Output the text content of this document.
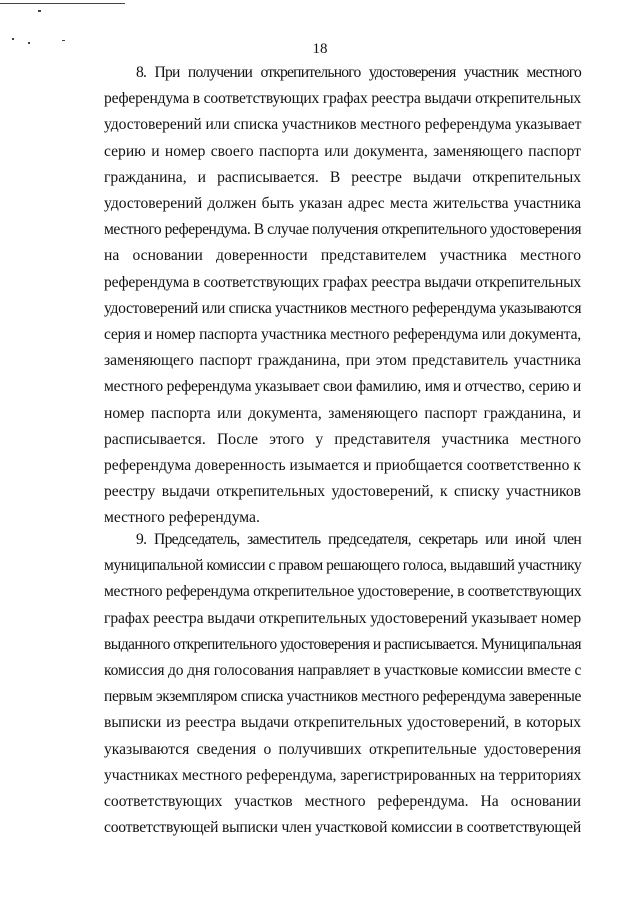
18
8. При получении открепительного удостоверения участник местного
референдума в соответствующих графах реестра выдачи открепительных
удостоверений или списка участников местного референдума указывает
серию и номер своего паспорта или документа, заменяющего паспорт
гражданина, и расписывается. В реестре выдачи открепительных
удостоверений должен быть указан адрес места жительства участника
местного референдума. В случае получения открепительного удостоверения
на основании доверенности представителем участника местного
референдума в соответствующих графах реестра выдачи открепительных
удостоверений или списка участников местного референдума указываются
серия и номер паспорта участника местного референдума или документа,
заменяющего паспорт гражданина, при этом представитель участника
местного референдума указывает свои фамилию, имя и отчество, серию и
номер паспорта или документа, заменяющего паспорт гражданина, и
расписывается. После этого у представителя участника местного
референдума доверенность изымается и приобщается соответственно к
реестру выдачи открепительных удостоверений, к списку участников
местного референдума.
9. Председатель, заместитель председателя, секретарь или иной член
муниципальной комиссии с правом решающего голоса, выдавший участнику
местного референдума открепительное удостоверение, в соответствующих
графах реестра выдачи открепительных удостоверений указывает номер
выданного открепительного удостоверения и расписывается. Муниципальная
комиссия до дня голосования направляет в участковые комиссии вместе с
первым экземпляром списка участников местного референдума заверенные
выписки из реестра выдачи открепительных удостоверений, в которых
указываются сведения о получивших открепительные удостоверения
участниках местного референдума, зарегистрированных на территориях
соответствующих участков местного референдума. На основании
соответствующей выписки член участковой комиссии в соответствующей
